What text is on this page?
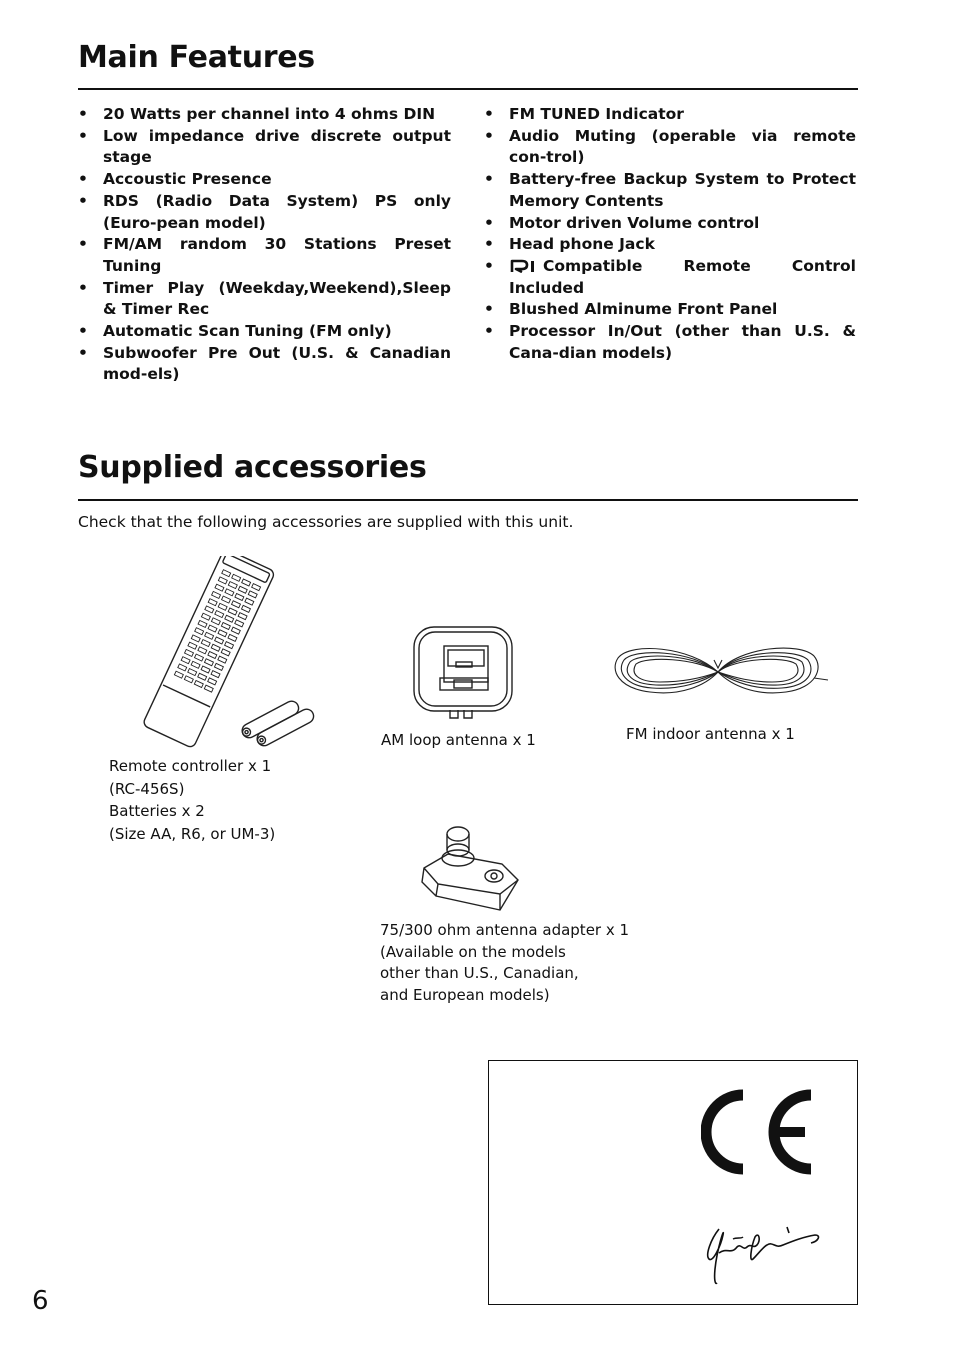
Main Features
• 20 Watts per channel into 4 ohms DIN
• Low impedance drive discrete output stage
• Accoustic Presence
• RDS (Radio Data System) PS only (Euro-pean model)
• FM/AM random 30 Stations Preset Tuning
• Timer Play (Weekday,Weekend),Sleep & Timer Rec
• Automatic Scan Tuning (FM only)
• Subwoofer Pre Out (U.S. & Canadian mod-els)
• FM TUNED Indicator
• Audio Muting (operable via remote con-trol)
• Battery-free Backup System to Protect Memory Contents
• Motor driven Volume control
• Head phone Jack
• Compatible Remote Control Included
• Blushed Alminume Front Panel
• Processor In/Out (other than U.S. & Cana-dian models)
Supplied accessories

Check that the following accessories are supplied with this unit.

Remote controller x 1
(RC-456S)
Batteries x 2
(Size AA, R6, or UM-3)
AM loop antenna x 1	FM indoor antenna x 1
75/300 ohm antenna adapter x 1
(Available on the models
other than U.S., Canadian,
and European models)
6
